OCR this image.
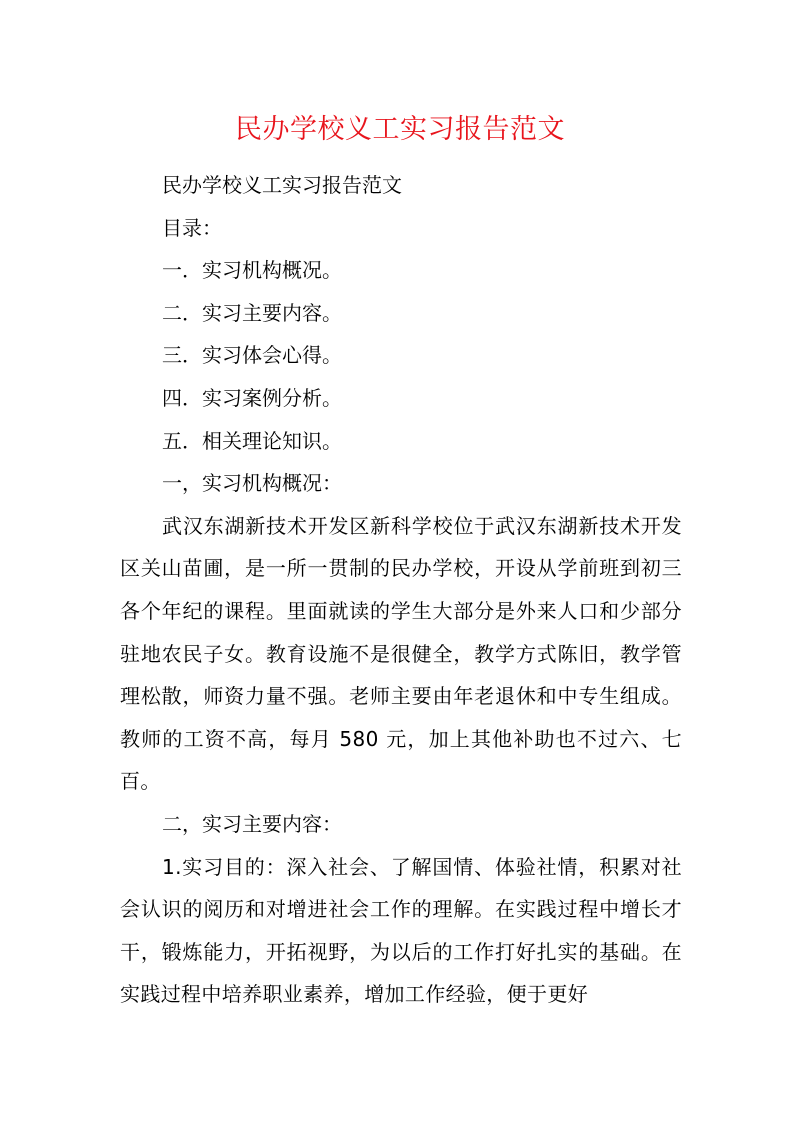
民办学校义工实习报告范文
民办学校义工实习报告范文
目录：
一．实习机构概况。
二．实习主要内容。
三．实习体会心得。
四．实习案例分析。
五．相关理论知识。
一，实习机构概况：
武汉东湖新技术开发区新科学校位于武汉东湖新技术开发区关山苗圃，是一所一贯制的民办学校，开设从学前班到初三各个年纪的课程。里面就读的学生大部分是外来人口和少部分驻地农民子女。教育设施不是很健全，教学方式陈旧，教学管理松散，师资力量不强。老师主要由年老退休和中专生组成。教师的工资不高，每月 580 元，加上其他补助也不过六、七百。
二，实习主要内容：
1.实习目的：深入社会、了解国情、体验社情，积累对社会认识的阅历和对增进社会工作的理解。在实践过程中增长才干，锻炼能力，开拓视野，为以后的工作打好扎实的基础。在实践过程中培养职业素养，增加工作经验，便于更好
